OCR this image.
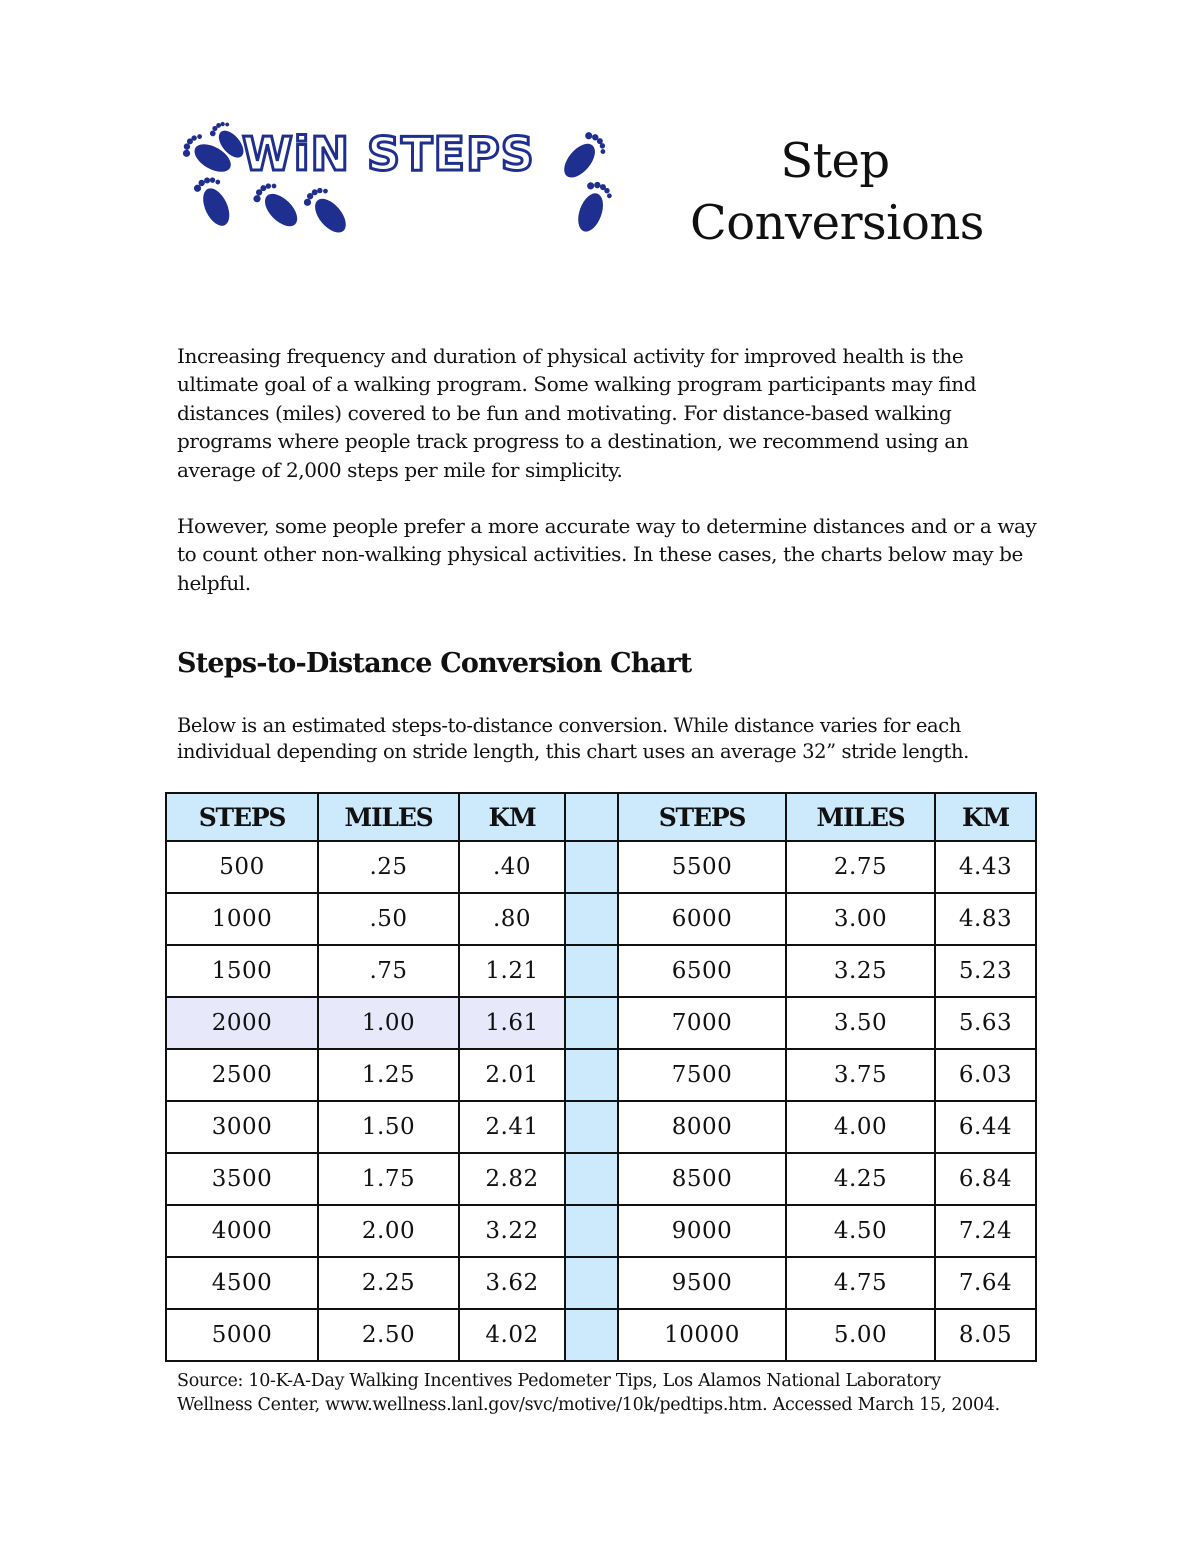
WiN STEPS	Step
Conversions

Increasing frequency and duration of physical activity for improved health is the ultimate goal of a walking program. Some walking program participants may find distances (miles) covered to be fun and motivating. For distance-based walking programs where people track progress to a destination, we recommend using an average of 2,000 steps per mile for simplicity.

However, some people prefer a more accurate way to determine distances and or a way to count other non-walking physical activities. In these cases, the charts below may be helpful.

Steps-to-Distance Conversion Chart

Below is an estimated steps-to-distance conversion. While distance varies for each individual depending on stride length, this chart uses an average 32” stride length.

STEPS	MILES	KM		STEPS	MILES	KM
500	.25	.40		5500	2.75	4.43
1000	.50	.80		6000	3.00	4.83
1500	.75	1.21		6500	3.25	5.23
2000	1.00	1.61		7000	3.50	5.63
2500	1.25	2.01		7500	3.75	6.03
3000	1.50	2.41		8000	4.00	6.44
3500	1.75	2.82		8500	4.25	6.84
4000	2.00	3.22		9000	4.50	7.24
4500	2.25	3.62		9500	4.75	7.64
5000	2.50	4.02		10000	5.00	8.05
Source: 10-K-A-Day Walking Incentives Pedometer Tips, Los Alamos National Laboratory
Wellness Center, www.wellness.lanl.gov/svc/motive/10k/pedtips.htm. Accessed March 15, 2004.
